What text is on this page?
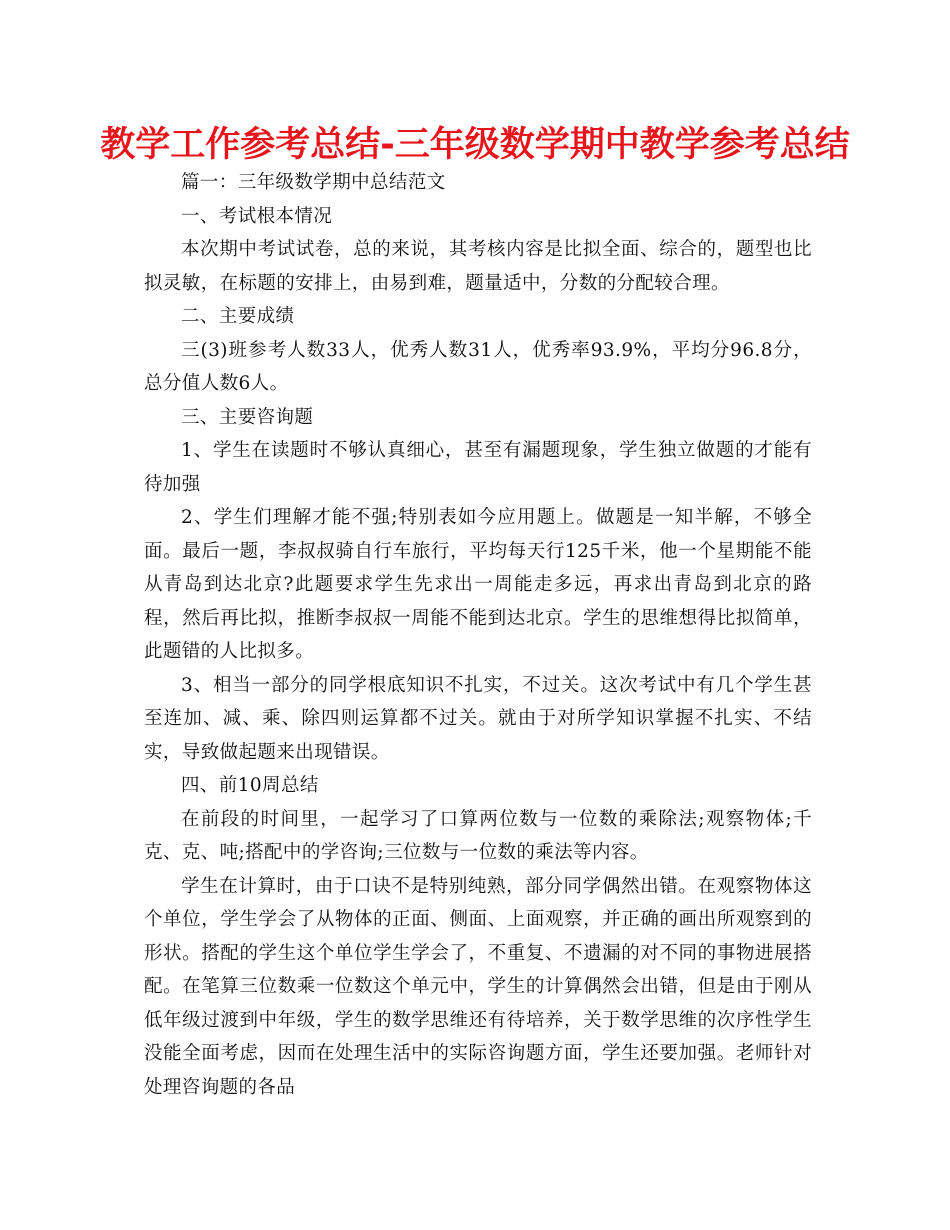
教学工作参考总结-三年级数学期中教学参考总结

篇一：三年级数学期中总结范文

一、考试根本情况

本次期中考试试卷，总的来说，其考核内容是比拟全面、综合的，题型也比拟灵敏，在标题的安排上，由易到难，题量适中，分数的分配较合理。

二、主要成绩

三(3)班参考人数33人，优秀人数31人，优秀率93.9%，平均分96.8分，总分值人数6人。

三、主要咨询题

1、学生在读题时不够认真细心，甚至有漏题现象，学生独立做题的才能有待加强

2、学生们理解才能不强;特别表如今应用题上。做题是一知半解，不够全面。最后一题，李叔叔骑自行车旅行，平均每天行125千米，他一个星期能不能从青岛到达北京?此题要求学生先求出一周能走多远，再求出青岛到北京的路程，然后再比拟，推断李叔叔一周能不能到达北京。学生的思维想得比拟简单，此题错的人比拟多。

3、相当一部分的同学根底知识不扎实，不过关。这次考试中有几个学生甚至连加、减、乘、除四则运算都不过关。就由于对所学知识掌握不扎实、不结实，导致做起题来出现错误。

四、前10周总结

在前段的时间里，一起学习了口算两位数与一位数的乘除法;观察物体;千克、克、吨;搭配中的学咨询;三位数与一位数的乘法等内容。

学生在计算时，由于口诀不是特别纯熟，部分同学偶然出错。在观察物体这个单位，学生学会了从物体的正面、侧面、上面观察，并正确的画出所观察到的形状。搭配的学生这个单位学生学会了，不重复、不遗漏的对不同的事物进展搭配。在笔算三位数乘一位数这个单元中，学生的计算偶然会出错，但是由于刚从低年级过渡到中年级，学生的数学思维还有待培养，关于数学思维的次序性学生没能全面考虑，因而在处理生活中的实际咨询题方面，学生还要加强。老师针对处理咨询题的各品
